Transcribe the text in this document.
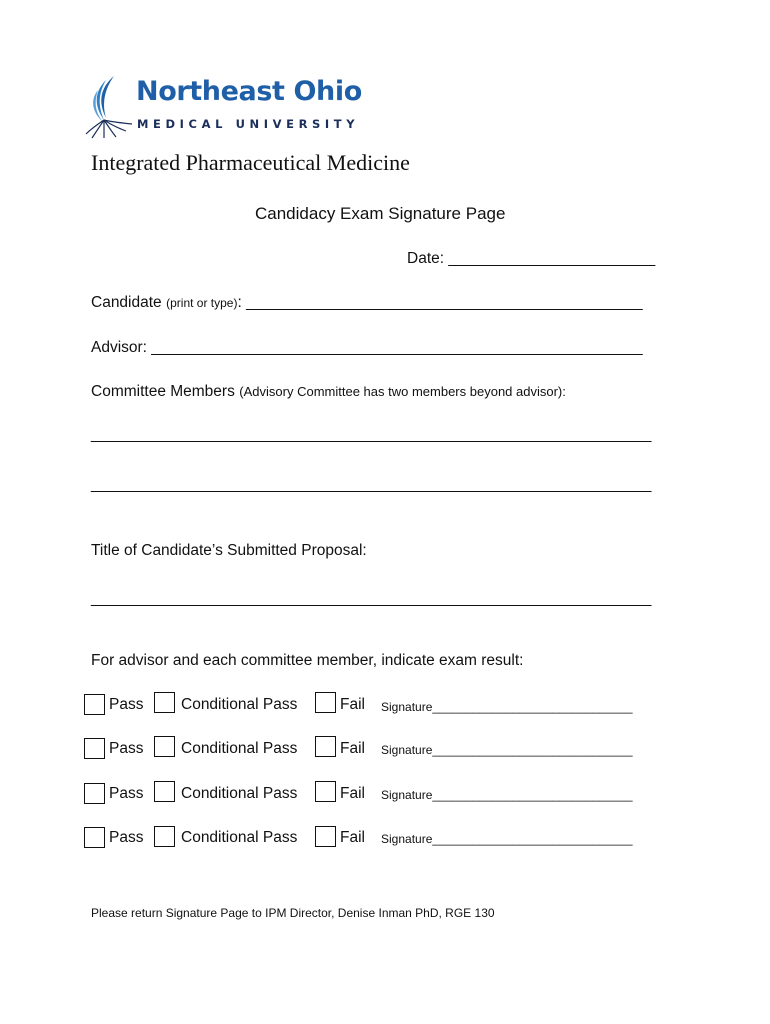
Northeast Ohio
MEDICAL UNIVERSITY
Integrated Pharmaceutical Medicine
Candidacy Exam Signature Page
Date: ________________________
Candidate (print or type): ______________________________________________
Advisor: _________________________________________________________
Committee Members (Advisory Committee has two members beyond advisor):
_________________________________________________________________
_________________________________________________________________
Title of Candidate’s Submitted Proposal:
_________________________________________________________________
For advisor and each committee member, indicate exam result:
Pass Conditional Pass	Fail Signature______________________________
Pass Conditional Pass	Fail Signature______________________________
Pass Conditional Pass	Fail Signature______________________________
Pass Conditional Pass	Fail Signature______________________________
Please return Signature Page to IPM Director, Denise Inman PhD, RGE 130
